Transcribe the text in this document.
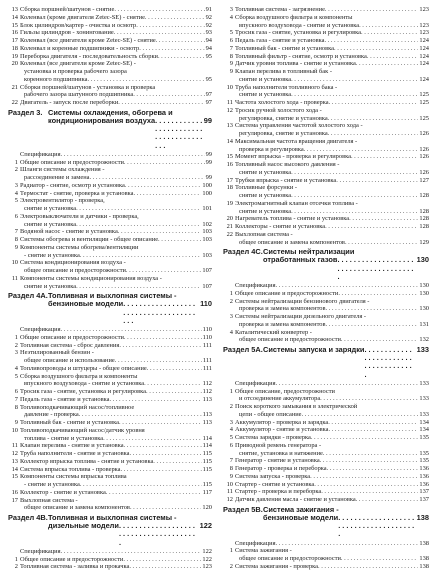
13 Сборка поршней/шатунов - снятие . . .	91
14 Коленвал (кроме двигателя Zetec-SE) - снятие . . .	92
15 Блок цилиндров/картер - очистка и осмотр . . .	92
16 Гильзы цилиндров - хонингование . . .	93
17 Коленвал (все двигатели кроме Zetec-SE) - снятие . . .	94
18 Коленвал и коренные подшипники - осмотр . . .	94
19 Переборка двигателя - последовательность сборки . . .	95
20 Коленвал (все двигатели кроме Zetec-SE) -
установка и проверка рабочего зазора
коренного подшипника . . .	95
21 Сборки поршней/шатунов - установка и проверка
рабочего зазора шатунного подшипника . . .	97
22 Двигатель - запуск после переборки . . .	97
Раздел 3. Системы охлаждения, обогрева и
кондиционирования воздуха . . .	99
Спецификация . . .	99
1 Общие описание и предосторожности . . .	99
2 Шланги системы охлаждения -
рассоединение и замена . . .	99
3 Радиатор - снятие, осмотр и установка . . .	100
4 Термостат - снятие, проверка и установка . . .	100
5 Электровентилятор - проверка,
снятие и установка . . .	101
6 Электровыключатели и датчики - проверка,
снятие и установка . . .	102
7 Водяной насос - снятие и установка . . .	103
8 Системы обогрева и вентиляции - общее описание . . .	103
9 Компоненты системы обогрева/вентиляции
- снятие и установка . . .	103
10 Система кондиционирования воздуха -
общее описание и предосторожности . . .	107
11 Компоненты системы кондиционирования воздуха -
снятие и установка . . .	107
Раздел 4А. Топливная и выхлопная системы -
бензиновые модели . . .	110
Спецификация . . .	110
1 Общие описание и предосторожности . . .	110
2 Топливная система - сброс давления . . .	111
3 Неэтилированный бензин -
общее описание и использование . . .	111
4 Топливопроводы и штуцеры - общее описание . . .	111
5 Сборка воздушного фильтра и компоненты
впускного воздуховода - снятие и установка . . .	112
6 Тросик газа - снятие, установка и регулировка . . .	112
7 Педаль газа - снятие и установка . . .	113
8 Топливоподкачивающий насос/топливное
давление - проверка . . .	113
9 Топливный бак - снятие и установка . . .	113
10 Топливоподкачивающий насос/датчик уровня
топлива - снятие и установка . . .	114
11 Клапан перелива - снятие и установка . . .	114
12 Труба наполнителя - снятие и установка . . .	115
13 Коллектор впрыска топлива - снятие и установка . . .	115
14 Система впрыска топлива - проверка . . .	115
15 Компоненты системы впрыска топлива
- снятие и установка . . .	115
16 Коллектор - снятие и установка . . .	117
17 Выхлопная система -
общее описание и замена компонентов . . .	120
Раздел 4В. Топливная и выхлопная системы -
дизельные модели . . .	122
Спецификация . . .	122
1 Общее описание и предосторожности . . .	122
2 Топливная система - заливка и прокачка . . .	123
3 Топливная система - загрязнение . . .	123
4 Сборка воздушного фильтра и компоненты
впускного воздуховода - снятие и установка . . .	123
5 Тросик газа - снятие, установка и регулировка . . .	123
6 Педаль газа - снятие и установка . . .	124
7 Топливный бак - снятие и установка . . .	124
8 Топливный фильтр - снятие, осмотр и установка . . .	124
9 Датчик уровня топлива - снятие и установка . . .	124
9 Клапан перелива в топливный бак -
снятие и установка . . .	124
10 Труба наполнителя топливного бака -
снятие и установка . . .	125
11 Частота холостого хода - проверка . . .	125
12 Тросик ручной холостого хода -
регулировка, снятие и установка . . .	125
13 Система управления частотой холостого хода -
регулировка, снятие и установка . . .	126
14 Максимальная частота вращения двигателя -
проверка и регулировка . . .	126
15 Момент впрыска - проверка и регулировка . . .	126
16 Топливный насос высокого давления -
снятие и установка . . .	126
17 Трубки впрыска - снятие и установка . . .	127
18 Топливные форсунки -
снятие и установка . . .	128
19 Электромагнитный клапан отсечки топлива -
снятие и установка . . .	128
20 Нагреватель топлива - снятие и установка . . .	128
21 Коллекторы - снятие и установка . . .	128
22 Выхлопная система -
общее описание и замена компонентов . . .	129
Раздел 4С. Системы нейтрализации
отработанных газов . . .	130
Спецификация . . .	130
1 Общее описание и предосторожности . . .	130
2 Системы нейтрализации бензинового двигателя -
проверка и замена компонентов . . .	130
3 Системы нейтрализации дизельного двигателя -
проверка и замена компонентов . . .	131
4 Каталитический конвертер -
общее описание и предосторожности . . .	132
Раздел 5А. Системы запуска и зарядки . . .	133
Спецификация . . .	133
1 Общее описание, предосторожности
и отсоединение аккумулятора . . .	133
2 Поиск короткого замыкания в электрической
цепи - общее описание . . .	133
3 Аккумулятор - проверка и зарядка . . .	134
4 Аккумулятор - снятие и установка . . .	134
5 Система зарядки - проверка . . .	135
6 Приводной ремень генератора -
снятие, установка и натяжение . . .	135
7 Генератор - снятие и установка . . .	135
8 Генератор - проверка и переборка . . .	136
9 Система запуска - проверка . . .	136
10 Стартер - снятие и установка . . .	136
11 Стартер - проверка и переборка . . .	137
12 Датчик давления масла - снятие и установка . . .	137
Раздел 5В. Система зажигания -
бензиновые модели . . .	138
Спецификация . . .	138
1 Система зажигания -
общее описание и предосторожности . . .	138
2 Система зажигания - проверка . . .	138
